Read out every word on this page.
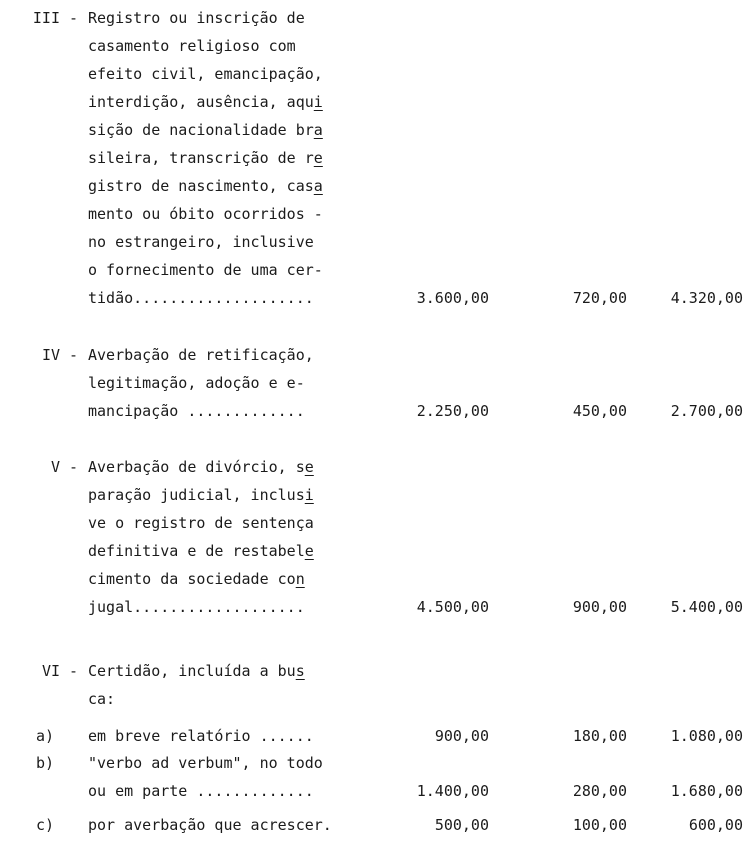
III - Registro ou inscrição de
casamento religioso com
efeito civil, emancipação,
interdição, ausência, aqui
sição de nacionalidade bra
sileira, transcrição de re
gistro de nascimento, casa
mento ou óbito ocorridos -
no estrangeiro, inclusive
o fornecimento de uma cer-
tidão....................	3.600,00	720,00	4.320,00
IV - Averbação de retificação,
legitimação, adoção e e-
mancipação .............	2.250,00	450,00	2.700,00
V - Averbação de divórcio, se
paração judicial, inclusi
ve o registro de sentença
definitiva e de restabele
cimento da sociedade con
jugal...................	4.500,00	900,00	5.400,00
VI - Certidão, incluída a bus
ca:
a) em breve relatório ......	900,00	180,00	1.080,00
b) "verbo ad verbum", no todo
ou em parte .............	1.400,00	280,00	1.680,00
c) por averbação que acrescer.	500,00	100,00	600,00
